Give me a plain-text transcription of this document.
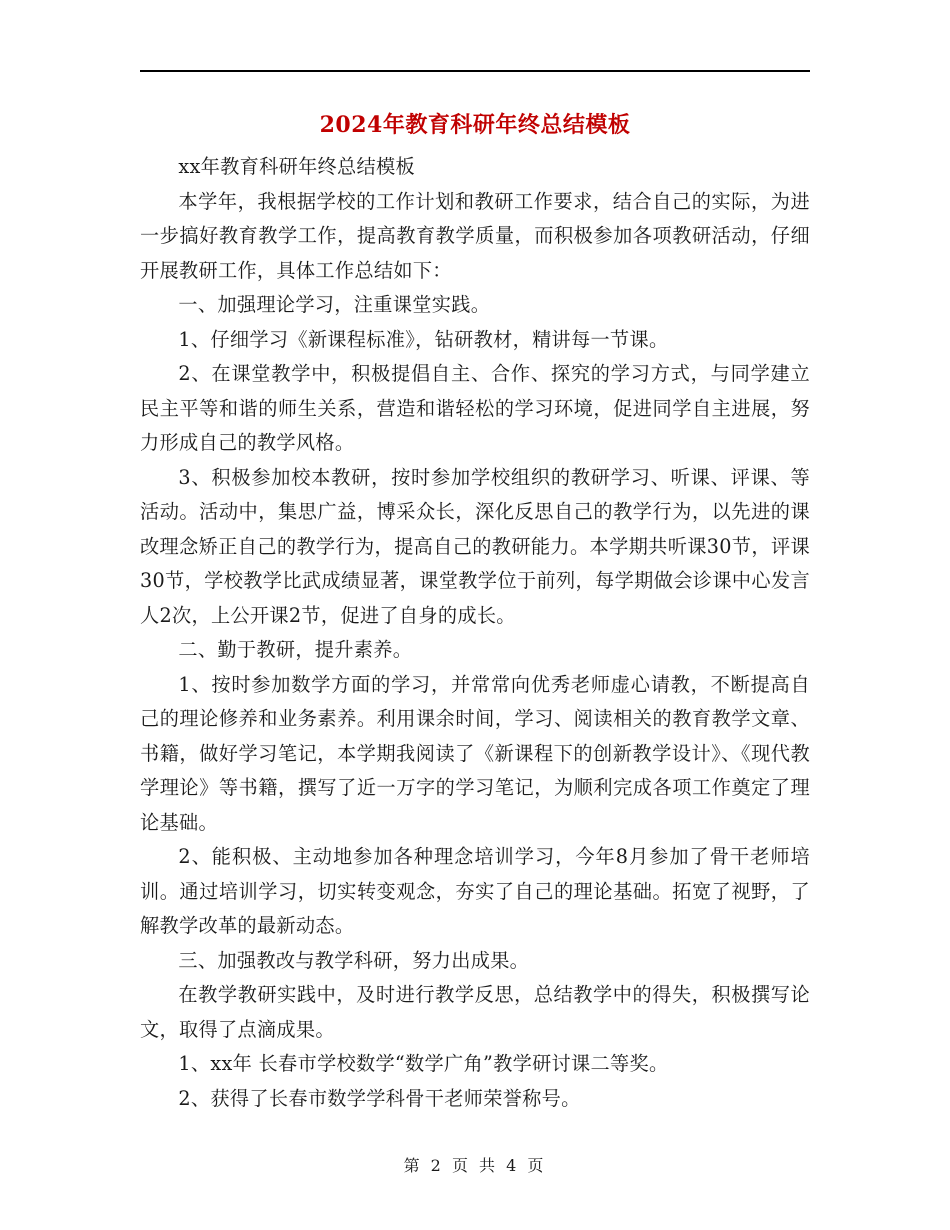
2024年教育科研年终总结模板

xx年教育科研年终总结模板

本学年，我根据学校的工作计划和教研工作要求，结合自己的实际，为进一步搞好教育教学工作，提高教育教学质量，而积极参加各项教研活动，仔细开展教研工作，具体工作总结如下：

一、加强理论学习，注重课堂实践。

1、仔细学习《新课程标准》，钻研教材，精讲每一节课。

2、在课堂教学中，积极提倡自主、合作、探究的学习方式，与同学建立民主平等和谐的师生关系，营造和谐轻松的学习环境，促进同学自主进展，努力形成自己的教学风格。

3、积极参加校本教研，按时参加学校组织的教研学习、听课、评课、等活动。活动中，集思广益，博采众长，深化反思自己的教学行为，以先进的课改理念矫正自己的教学行为，提高自己的教研能力。本学期共听课30节，评课30节，学校教学比武成绩显著，课堂教学位于前列，每学期做会诊课中心发言人2次，上公开课2节，促进了自身的成长。

二、勤于教研，提升素养。

1、按时参加数学方面的学习，并常常向优秀老师虚心请教，不断提高自己的理论修养和业务素养。利用课余时间，学习、阅读相关的教育教学文章、书籍，做好学习笔记，本学期我阅读了《新课程下的创新教学设计》、《现代教学理论》等书籍，撰写了近一万字的学习笔记，为顺利完成各项工作奠定了理论基础。

2、能积极、主动地参加各种理念培训学习，今年8月参加了骨干老师培训。通过培训学习，切实转变观念，夯实了自己的理论基础。拓宽了视野，了解教学改革的最新动态。

三、加强教改与教学科研，努力出成果。

在教学教研实践中，及时进行教学反思，总结教学中的得失，积极撰写论文，取得了点滴成果。

1、xx年 长春市学校数学“数学广角”教学研讨课二等奖。

2、获得了长春市数学学科骨干老师荣誉称号。

第 2 页 共 4 页
